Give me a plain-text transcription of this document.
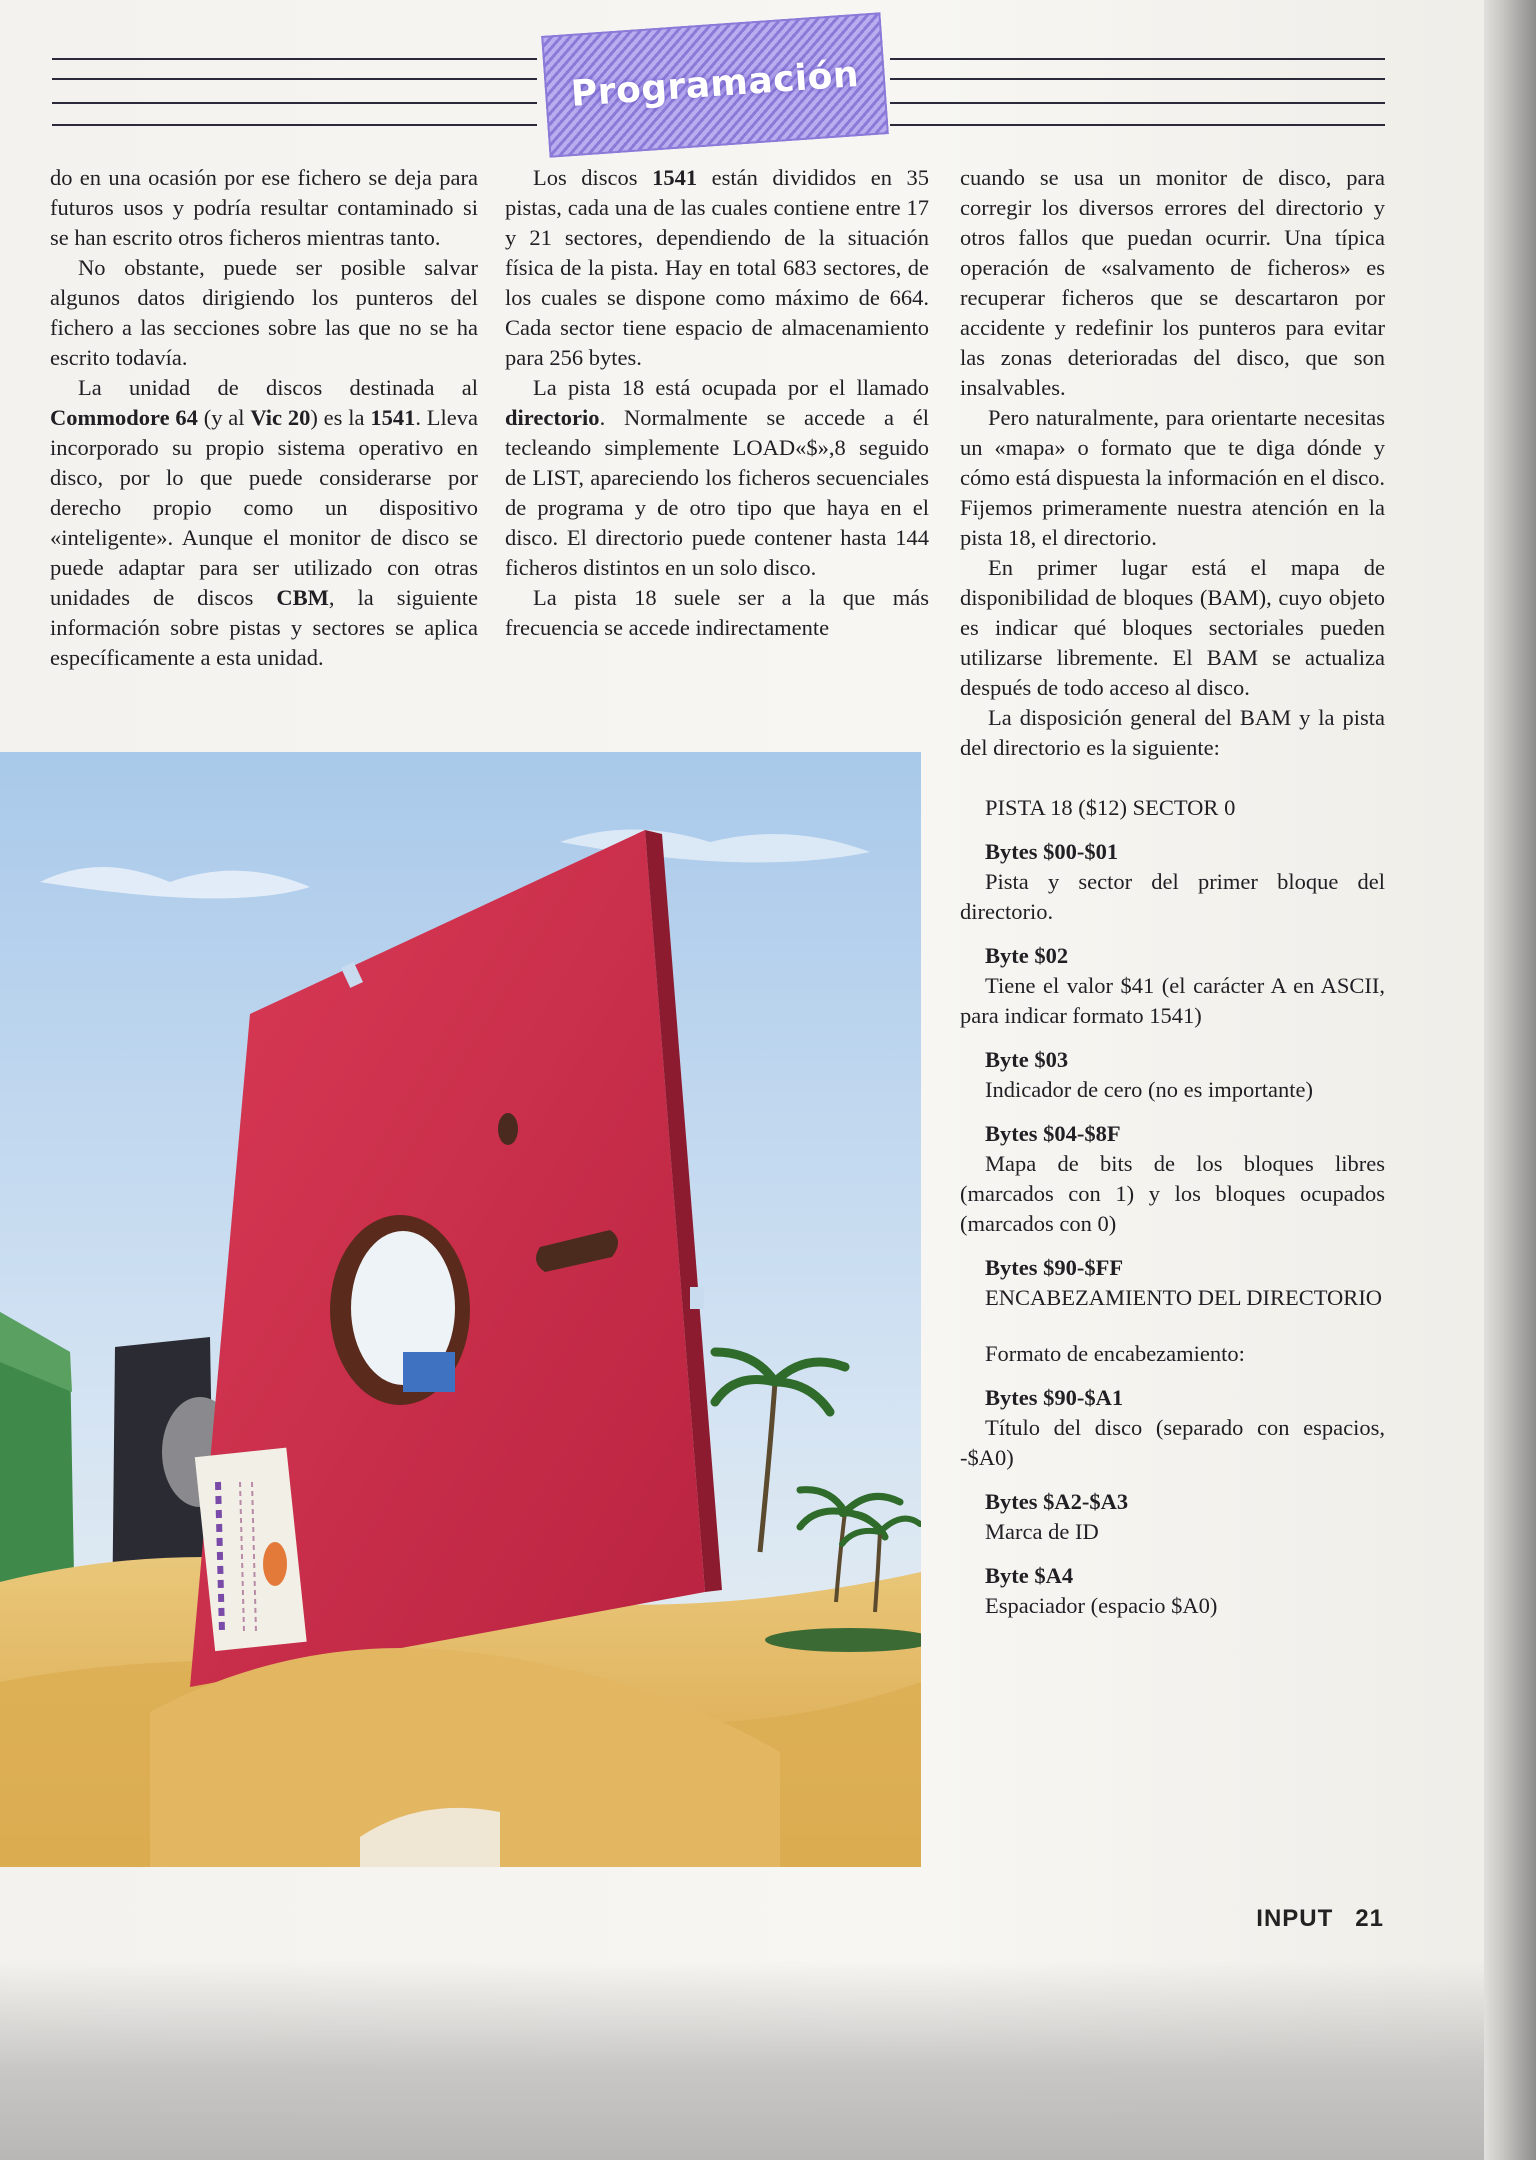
Programación

do en una ocasión por ese fichero se deja para futuros usos y podría resultar contaminado si se han escrito otros ficheros mientras tanto.

No obstante, puede ser posible salvar algunos datos dirigiendo los punteros del fichero a las secciones sobre las que no se ha escrito todavía.

La unidad de discos destinada al Commodore 64 (y al Vic 20) es la 1541. Lleva incorporado su propio sistema operativo en disco, por lo que puede considerarse por derecho propio como un dispositivo «inteligente». Aunque el monitor de disco se puede adaptar para ser utilizado con otras unidades de discos CBM, la siguiente información sobre pistas y sectores se aplica específicamente a esta unidad.

Los discos 1541 están divididos en 35 pistas, cada una de las cuales contiene entre 17 y 21 sectores, dependiendo de la situación física de la pista. Hay en total 683 sectores, de los cuales se dispone como máximo de 664. Cada sector tiene espacio de almacenamiento para 256 bytes.

La pista 18 está ocupada por el llamado directorio. Normalmente se accede a él tecleando simplemente LOAD«$»,8 seguido de LIST, apareciendo los ficheros secuenciales de programa y de otro tipo que haya en el disco. El directorio puede contener hasta 144 ficheros distintos en un solo disco.

La pista 18 suele ser a la que más frecuencia se accede indirectamente

cuando se usa un monitor de disco, para corregir los diversos errores del directorio y otros fallos que puedan ocurrir. Una típica operación de «salvamento de ficheros» es recuperar ficheros que se descartaron por accidente y redefinir los punteros para evitar las zonas deterioradas del disco, que son insalvables.

Pero naturalmente, para orientarte necesitas un «mapa» o formato que te diga dónde y cómo está dispuesta la información en el disco. Fijemos primeramente nuestra atención en la pista 18, el directorio.

En primer lugar está el mapa de disponibilidad de bloques (BAM), cuyo objeto es indicar qué bloques sectoriales pueden utilizarse libremente. El BAM se actualiza después de todo acceso al disco.

La disposición general del BAM y la pista del directorio es la siguiente:

PISTA 18 ($12) SECTOR 0
Bytes $00-$01
Pista y sector del primer bloque del directorio.
Byte $02
Tiene el valor $41 (el carácter A en ASCII, para indicar formato 1541)
Byte $03
Indicador de cero (no es importante)
Bytes $04-$8F
Mapa de bits de los bloques libres (marcados con 1) y los bloques ocupados (marcados con 0)
Bytes $90-$FF
ENCABEZAMIENTO DEL DIRECTORIO
Formato de encabezamiento:
Bytes $90-$A1
Título del disco (separado con espacios, -$A0)
Bytes $A2-$A3
Marca de ID
Byte $A4
Espaciador (espacio $A0)
INPUT 21
